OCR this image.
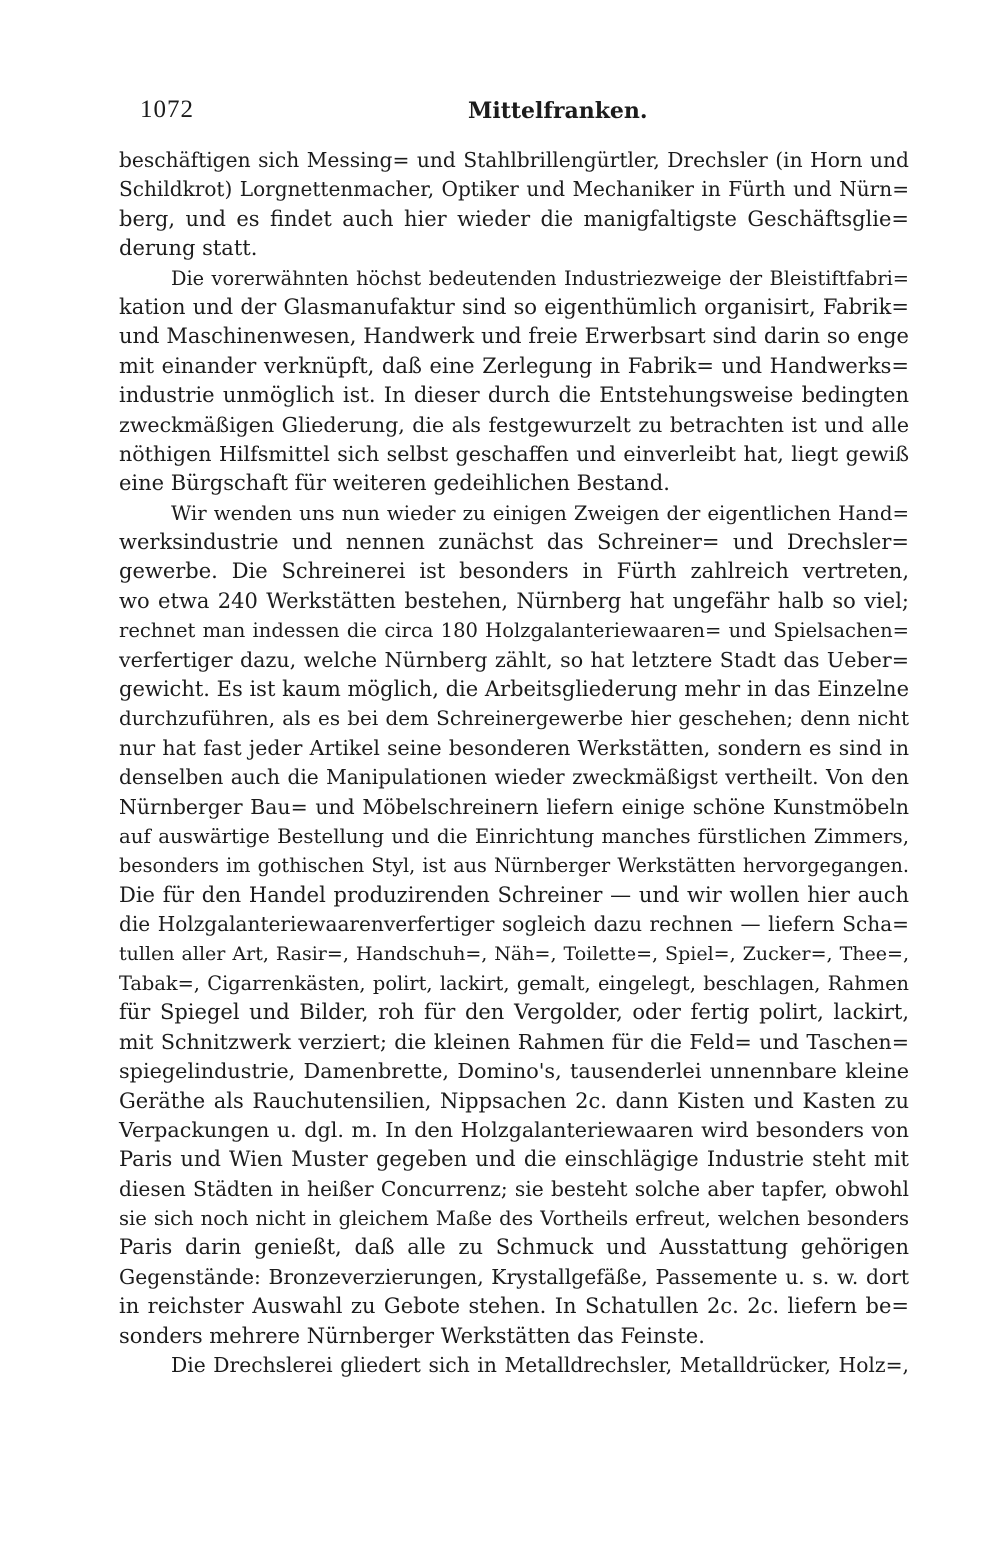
1072	Mittelfranken.
beschäftigen sich Messing= und Stahlbrillengürtler, Drechsler (in Horn und
Schildkrot) Lorgnettenmacher, Optiker und Mechaniker in Fürth und Nürn=
berg, und es findet auch hier wieder die manigfaltigste Geschäftsglie=
derung statt.
Die vorerwähnten höchst bedeutenden Industriezweige der Bleistiftfabri=
kation und der Glasmanufaktur sind so eigenthümlich organisirt, Fabrik=
und Maschinenwesen, Handwerk und freie Erwerbsart sind darin so enge
mit einander verknüpft, daß eine Zerlegung in Fabrik= und Handwerks=
industrie unmöglich ist. In dieser durch die Entstehungsweise bedingten
zweckmäßigen Gliederung, die als festgewurzelt zu betrachten ist und alle
nöthigen Hilfsmittel sich selbst geschaffen und einverleibt hat, liegt gewiß
eine Bürgschaft für weiteren gedeihlichen Bestand.
Wir wenden uns nun wieder zu einigen Zweigen der eigentlichen Hand=
werksindustrie und nennen zunächst das Schreiner= und Drechsler=
gewerbe. Die Schreinerei ist besonders in Fürth zahlreich vertreten,
wo etwa 240 Werkstätten bestehen, Nürnberg hat ungefähr halb so viel;
rechnet man indessen die circa 180 Holzgalanteriewaaren= und Spielsachen=
verfertiger dazu, welche Nürnberg zählt, so hat letztere Stadt das Ueber=
gewicht. Es ist kaum möglich, die Arbeitsgliederung mehr in das Einzelne
durchzuführen, als es bei dem Schreinergewerbe hier geschehen; denn nicht
nur hat fast jeder Artikel seine besonderen Werkstätten, sondern es sind in
denselben auch die Manipulationen wieder zweckmäßigst vertheilt. Von den
Nürnberger Bau= und Möbelschreinern liefern einige schöne Kunstmöbeln
auf auswärtige Bestellung und die Einrichtung manches fürstlichen Zimmers,
besonders im gothischen Styl, ist aus Nürnberger Werkstätten hervorgegangen.
Die für den Handel produzirenden Schreiner — und wir wollen hier auch
die Holzgalanteriewaarenverfertiger sogleich dazu rechnen — liefern Scha=
tullen aller Art, Rasir=, Handschuh=, Näh=, Toilette=, Spiel=, Zucker=, Thee=,
Tabak=, Cigarrenkästen, polirt, lackirt, gemalt, eingelegt, beschlagen, Rahmen
für Spiegel und Bilder, roh für den Vergolder, oder fertig polirt, lackirt,
mit Schnitzwerk verziert; die kleinen Rahmen für die Feld= und Taschen=
spiegelindustrie, Damenbrette, Domino's, tausenderlei unnennbare kleine
Geräthe als Rauchutensilien, Nippsachen 2c. dann Kisten und Kasten zu
Verpackungen u. dgl. m. In den Holzgalanteriewaaren wird besonders von
Paris und Wien Muster gegeben und die einschlägige Industrie steht mit
diesen Städten in heißer Concurrenz; sie besteht solche aber tapfer, obwohl
sie sich noch nicht in gleichem Maße des Vortheils erfreut, welchen besonders
Paris darin genießt, daß alle zu Schmuck und Ausstattung gehörigen
Gegenstände: Bronzeverzierungen, Krystallgefäße, Passemente u. s. w. dort
in reichster Auswahl zu Gebote stehen. In Schatullen 2c. 2c. liefern be=
sonders mehrere Nürnberger Werkstätten das Feinste.
Die Drechslerei gliedert sich in Metalldrechsler, Metalldrücker, Holz=,
